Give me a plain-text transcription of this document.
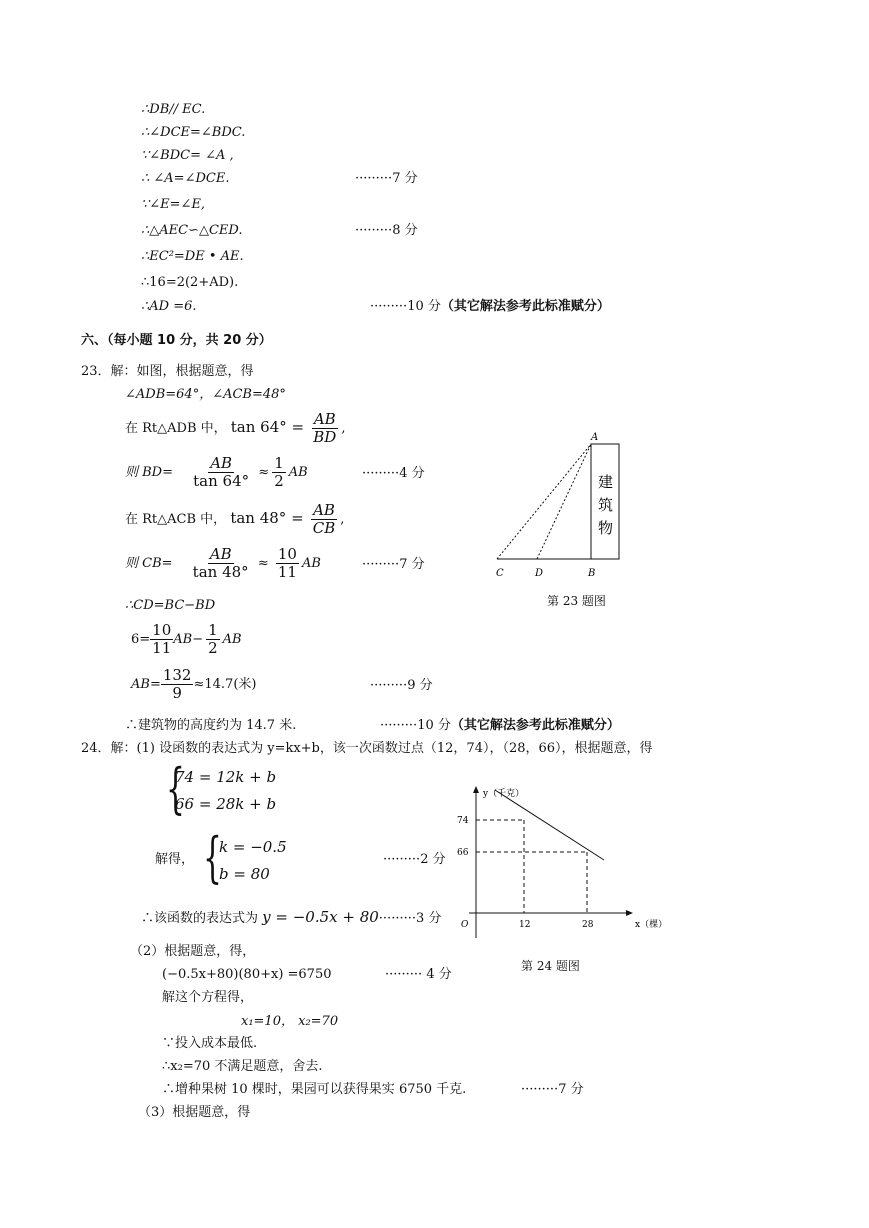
∴DB// EC.
∴∠DCE=∠BDC.
∵∠BDC= ∠A ,
∴ ∠A=∠DCE.	·········7 分
∵∠E=∠E,
∴△AEC∽△CED.	·········8 分
∴EC²=DE • AE.
∴16=2(2+AD).
∴AD =6.	·········10 分（其它解法参考此标准赋分）
六、（每小题 10 分，共 20 分）
23．解：如图，根据题意，得
∠ADB=64°，∠ACB=48°
在 Rt△ADB 中， $\tan 64^\circ = \frac{AB}{BD}$ ,
则 $BD= \frac{AB}{\tan 64^\circ} \approx \frac{1}{2}$ AB	·········4 分
在 Rt△ACB 中， $\tan 48^\circ = \frac{AB}{CB}$ ,
则 $CB= \frac{AB}{\tan 48^\circ} \approx \frac{10}{11}$ AB	·········7 分
∴CD=BC−BD
$6= \frac{10}{11} AB- \frac{1}{2}$ AB
$AB= \frac{132}{9} \approx 14.7$(米)	·········9 分
∴建筑物的高度约为 14.7 米.	·········10 分（其它解法参考此标准赋分）
A
C	D	B
建
筑
物
第 23 题图
24．解：(1) 设函数的表达式为 y=kx+b，该一次函数过点（12，74），（28，66），根据题意，得
{
74 = 12k + b
66 = 28k + b
解得， {
k = −0.5
b = 80
·········2 分
∴该函数的表达式为 y = −0.5x + 80·········3 分
y（千克）
74
66
O	12	28	x（棵）
第 24 题图
（2）根据题意，得，
(−0.5x+80)(80+x) =6750	········· 4 分
解这个方程得，
x₁=10， x₂=70
∵投入成本最低.
∴x₂=70 不满足题意，舍去.
∴增种果树 10 棵时，果园可以获得果实 6750 千克.	·········7 分
（3）根据题意，得
